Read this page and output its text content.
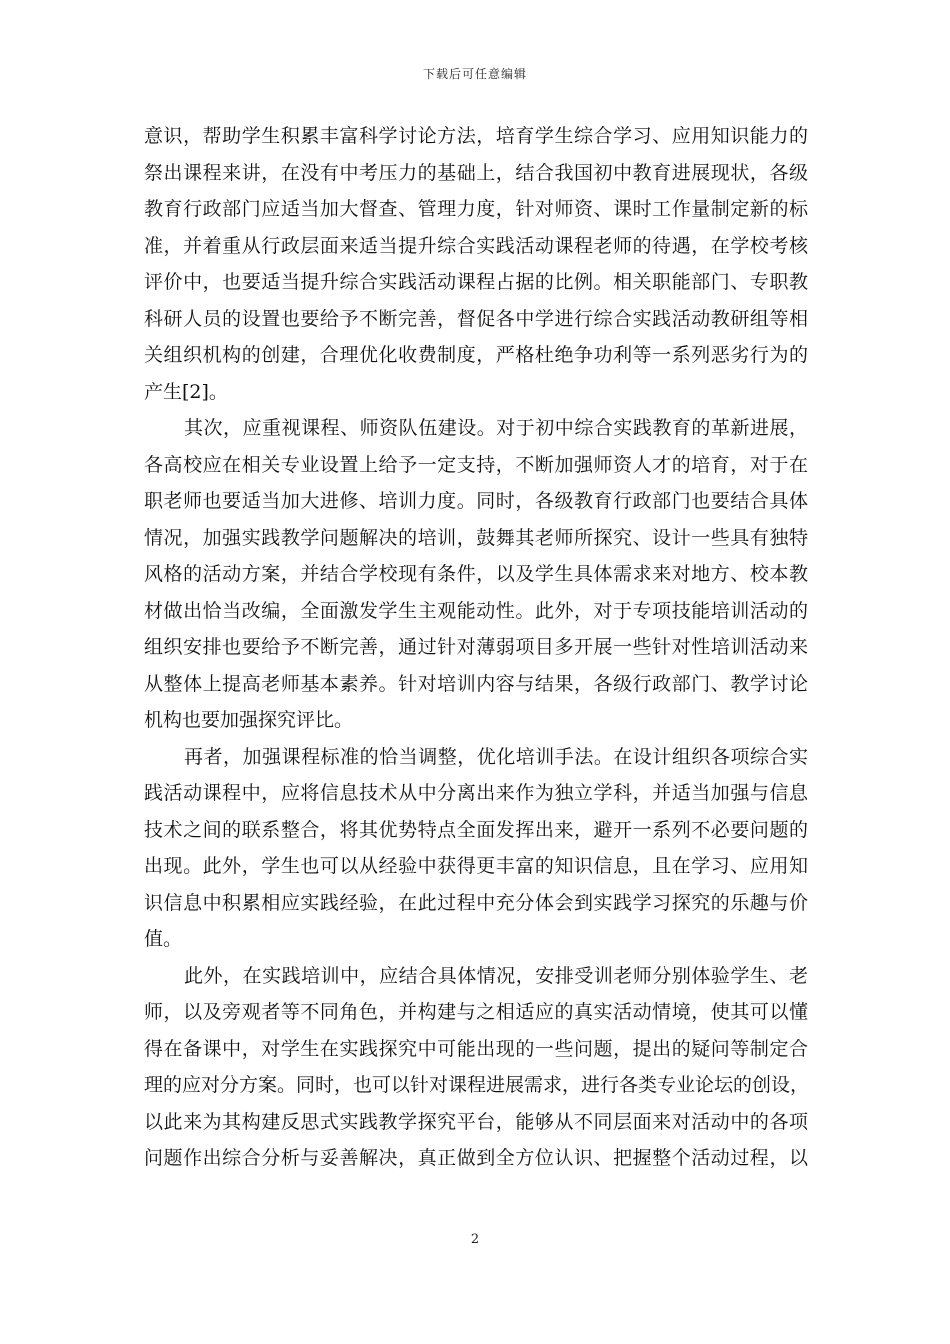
下载后可任意编辑
意识，帮助学生积累丰富科学讨论方法，培育学生综合学习、应用知识能力的
祭出课程来讲，在没有中考压力的基础上，结合我国初中教育进展现状，各级
教育行政部门应适当加大督查、管理力度，针对师资、课时工作量制定新的标
准，并着重从行政层面来适当提升综合实践活动课程老师的待遇，在学校考核
评价中，也要适当提升综合实践活动课程占据的比例。相关职能部门、专职教
科研人员的设置也要给予不断完善，督促各中学进行综合实践活动教研组等相
关组织机构的创建，合理优化收费制度，严格杜绝争功利等一系列恶劣行为的
产生[2]。
其次，应重视课程、师资队伍建设。对于初中综合实践教育的革新进展，
各高校应在相关专业设置上给予一定支持，不断加强师资人才的培育，对于在
职老师也要适当加大进修、培训力度。同时，各级教育行政部门也要结合具体
情况，加强实践教学问题解决的培训，鼓舞其老师所探究、设计一些具有独特
风格的活动方案，并结合学校现有条件，以及学生具体需求来对地方、校本教
材做出恰当改编，全面激发学生主观能动性。此外，对于专项技能培训活动的
组织安排也要给予不断完善，通过针对薄弱项目多开展一些针对性培训活动来
从整体上提高老师基本素养。针对培训内容与结果，各级行政部门、教学讨论
机构也要加强探究评比。
再者，加强课程标准的恰当调整，优化培训手法。在设计组织各项综合实
践活动课程中，应将信息技术从中分离出来作为独立学科，并适当加强与信息
技术之间的联系整合，将其优势特点全面发挥出来，避开一系列不必要问题的
出现。此外，学生也可以从经验中获得更丰富的知识信息，且在学习、应用知
识信息中积累相应实践经验，在此过程中充分体会到实践学习探究的乐趣与价
值。
此外，在实践培训中，应结合具体情况，安排受训老师分别体验学生、老
师，以及旁观者等不同角色，并构建与之相适应的真实活动情境，使其可以懂
得在备课中，对学生在实践探究中可能出现的一些问题，提出的疑问等制定合
理的应对分方案。同时，也可以针对课程进展需求，进行各类专业论坛的创设，
以此来为其构建反思式实践教学探究平台，能够从不同层面来对活动中的各项
问题作出综合分析与妥善解决，真正做到全方位认识、把握整个活动过程，以
2
